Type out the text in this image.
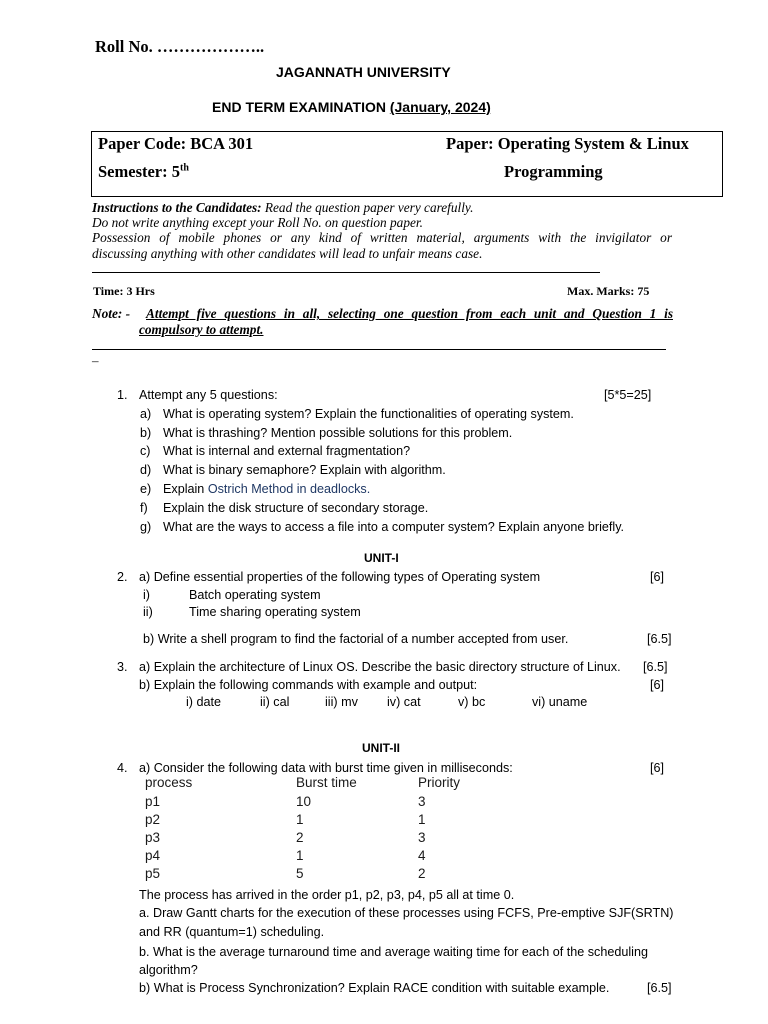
Roll No. ………………..
JAGANNATH UNIVERSITY
END TERM EXAMINATION (January, 2024)
Paper Code: BCA 301	Paper: Operating System & Linux
Semester: 5th	Programming
Instructions to the Candidates: Read the question paper very carefully.
Do not write anything except your Roll No. on question paper.
Possession of mobile phones or any kind of written material, arguments with the invigilator or
discussing anything with other candidates will lead to unfair means case.
Time: 3 Hrs	Max. Marks: 75
Note: - Attempt five questions in all, selecting one question from each unit and Question 1 is
compulsory to attempt.
–
1. Attempt any 5 questions:	[5*5=25]
a) What is operating system? Explain the functionalities of operating system.
b) What is thrashing? Mention possible solutions for this problem.
c) What is internal and external fragmentation?
d) What is binary semaphore? Explain with algorithm.
e) Explain Ostrich Method in deadlocks.
f) Explain the disk structure of secondary storage.
g) What are the ways to access a file into a computer system? Explain anyone briefly.
UNIT-I
2. a) Define essential properties of the following types of Operating system	[6]
i)	Batch operating system
ii)	Time sharing operating system
b) Write a shell program to find the factorial of a number accepted from user.	[6.5]
3. a) Explain the architecture of Linux OS. Describe the basic directory structure of Linux. [6.5]
b) Explain the following commands with example and output:	[6]
i) date	ii) cal	iii) mv iv) cat	v) bc	vi) uname
UNIT-II
4. a) Consider the following data with burst time given in milliseconds:	[6]
process	Burst time	Priority
p1	10	3
p2	1	1
p3	2	3
p4	1	4
p5	5	2
The process has arrived in the order p1, p2, p3, p4, p5 all at time 0.
a. Draw Gantt charts for the execution of these processes using FCFS, Pre-emptive SJF(SRTN)
and RR (quantum=1) scheduling.
b. What is the average turnaround time and average waiting time for each of the scheduling
algorithm?
b) What is Process Synchronization? Explain RACE condition with suitable example.	[6.5]
